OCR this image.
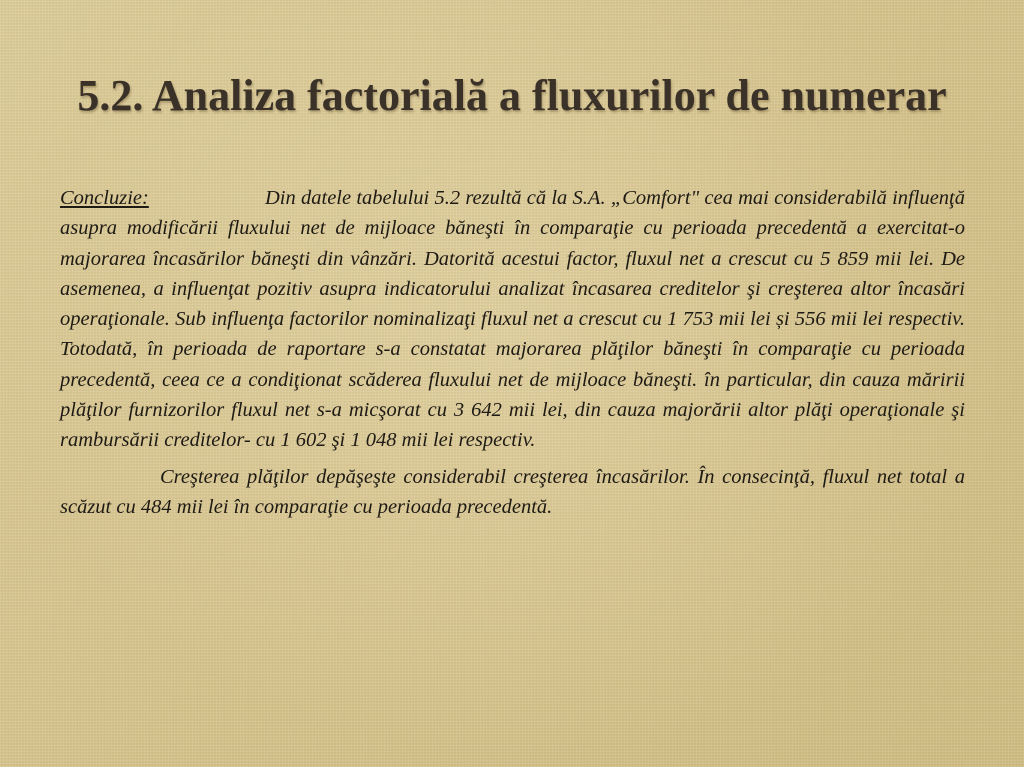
5.2. Analiza factorială a fluxurilor de numerar

Concluzie:	Din datele tabelului 5.2 rezultă că la S.A. „Comfort" cea mai considerabilă influenţă asupra modificării fluxului net de mijloace băneşti în comparaţie cu perioada precedentă a exercitat-o majorarea încasărilor băneşti din vânzări. Datorită acestui factor, fluxul net a crescut cu 5 859 mii lei. De asemenea, a influenţat pozitiv asupra indicatorului analizat încasarea creditelor şi creşterea altor încasări operaţionale. Sub influenţa factorilor nominalizaţi fluxul net a crescut cu 1 753 mii lei și 556 mii lei respectiv. Totodată, în perioada de raportare s-a constatat majorarea plăţilor băneşti în comparaţie cu perioada precedentă, ceea ce a condiţionat scăderea fluxului net de mijloace băneşti. în particular, din cauza măririi plăţilor furnizorilor fluxul net s-a micşorat cu 3 642 mii lei, din cauza majorării altor plăţi operaţionale şi rambursării creditelor- cu 1 602 şi 1 048 mii lei respectiv.

Creşterea plăţilor depăşeşte considerabil creşterea încasărilor. În consecinţă, fluxul net total a scăzut cu 484 mii lei în comparaţie cu perioada precedentă.
